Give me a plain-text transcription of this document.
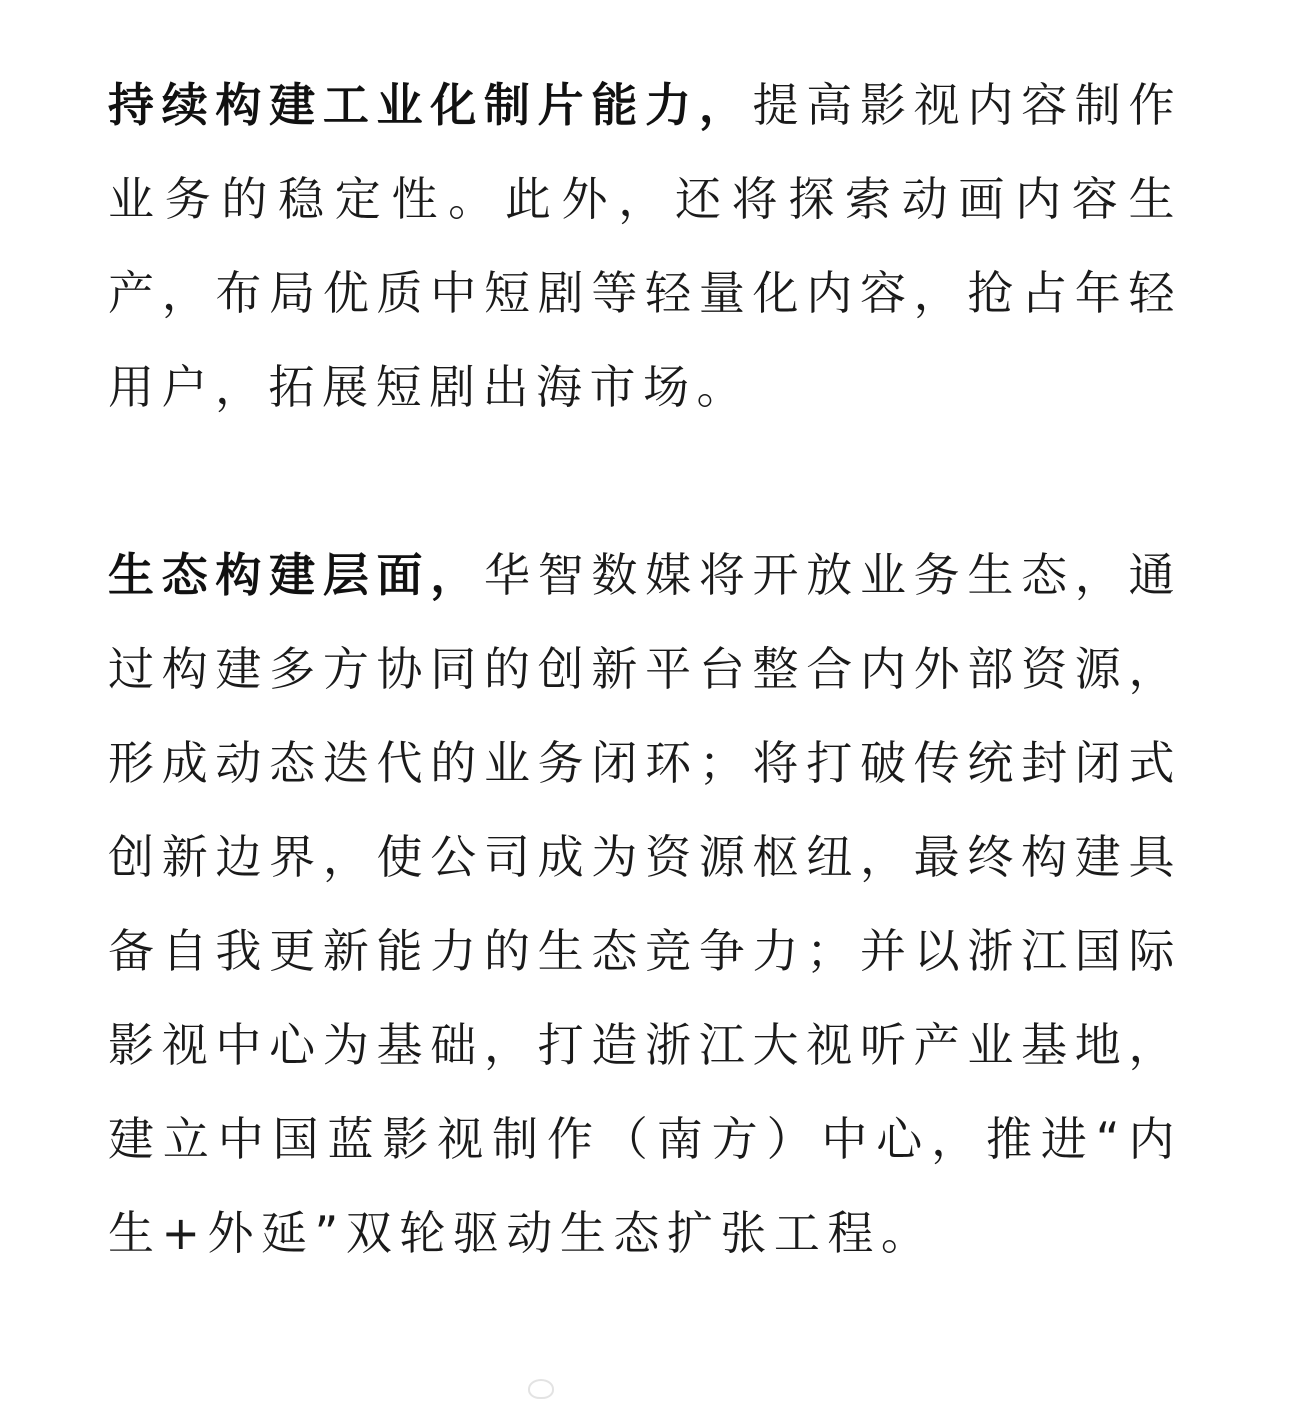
持续构建工业化制片能力，提高影视内容制作业务的稳定性。此外，还将探索动画内容生产，布局优质中短剧等轻量化内容，抢占年轻用户，拓展短剧出海市场。

生态构建层面，华智数媒将开放业务生态，通过构建多方协同的创新平台整合内外部资源，形成动态迭代的业务闭环；将打破传统封闭式创新边界，使公司成为资源枢纽，最终构建具备自我更新能力的生态竞争力；并以浙江国际影视中心为基础，打造浙江大视听产业基地，建立中国蓝影视制作（南方）中心，推进“内生+外延”双轮驱动生态扩张工程。
